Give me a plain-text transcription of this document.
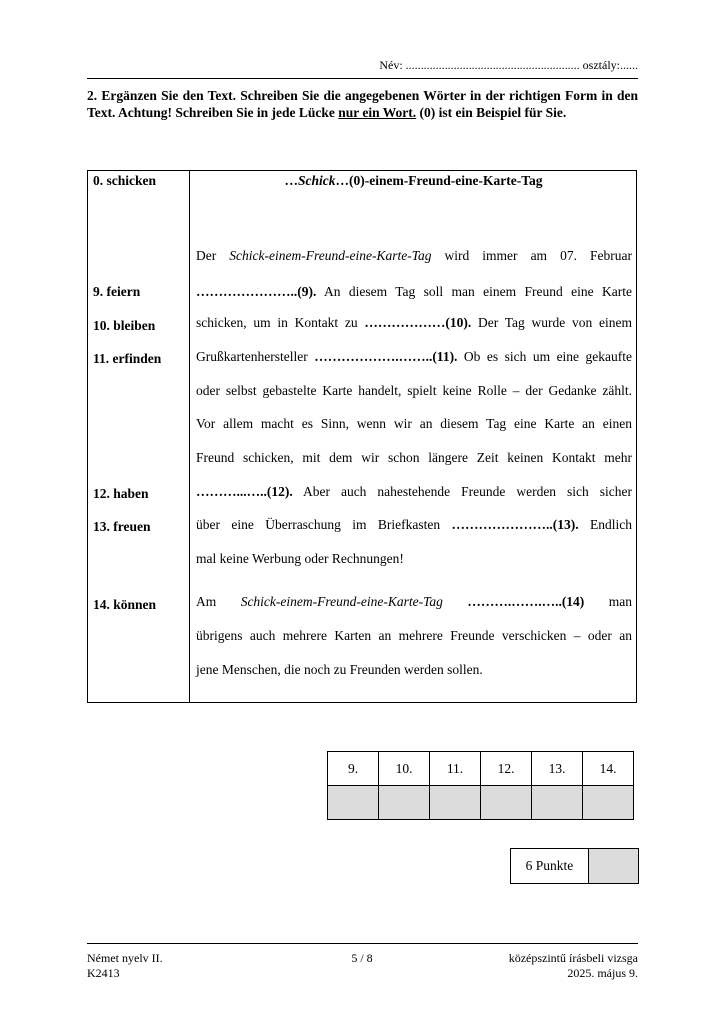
Név: .......................................................... osztály:......
2. Ergänzen Sie den Text. Schreiben Sie die angegebenen Wörter in der richtigen Form in den Text. Achtung! Schreiben Sie in jede Lücke nur ein Wort. (0) ist ein Beispiel für Sie.
0. schicken
9. feiern
10. bleiben
11. erfinden
12. haben
13. freuen
14. können
…Schick…(0)-einem-Freund-eine-Karte-Tag
Der Schick-einem-Freund-eine-Karte-Tag wird immer am 07. Februar
…………………..(9). An diesem Tag soll man einem Freund eine Karte
schicken, um in Kontakt zu ………………(10). Der Tag wurde von einem
Grußkartenhersteller ……………….……..(11). Ob es sich um eine gekaufte
oder selbst gebastelte Karte handelt, spielt keine Rolle – der Gedanke zählt.
Vor allem macht es Sinn, wenn wir an diesem Tag eine Karte an einen
Freund schicken, mit dem wir schon längere Zeit keinen Kontakt mehr
………...…..(12). Aber auch nahestehende Freunde werden sich sicher
über eine Überraschung im Briefkasten …………………..(13). Endlich
mal keine Werbung oder Rechnungen!
Am Schick-einem-Freund-eine-Karte-Tag ……….…….…..(14) man
übrigens auch mehrere Karten an mehrere Freunde verschicken – oder an
jene Menschen, die noch zu Freunden werden sollen.
9.	10.	11.	12.	13.	14.

6 Punkte	
Német nyelv II.
K2413
5 / 8	középszintű írásbeli vizsga
2025. május 9.
